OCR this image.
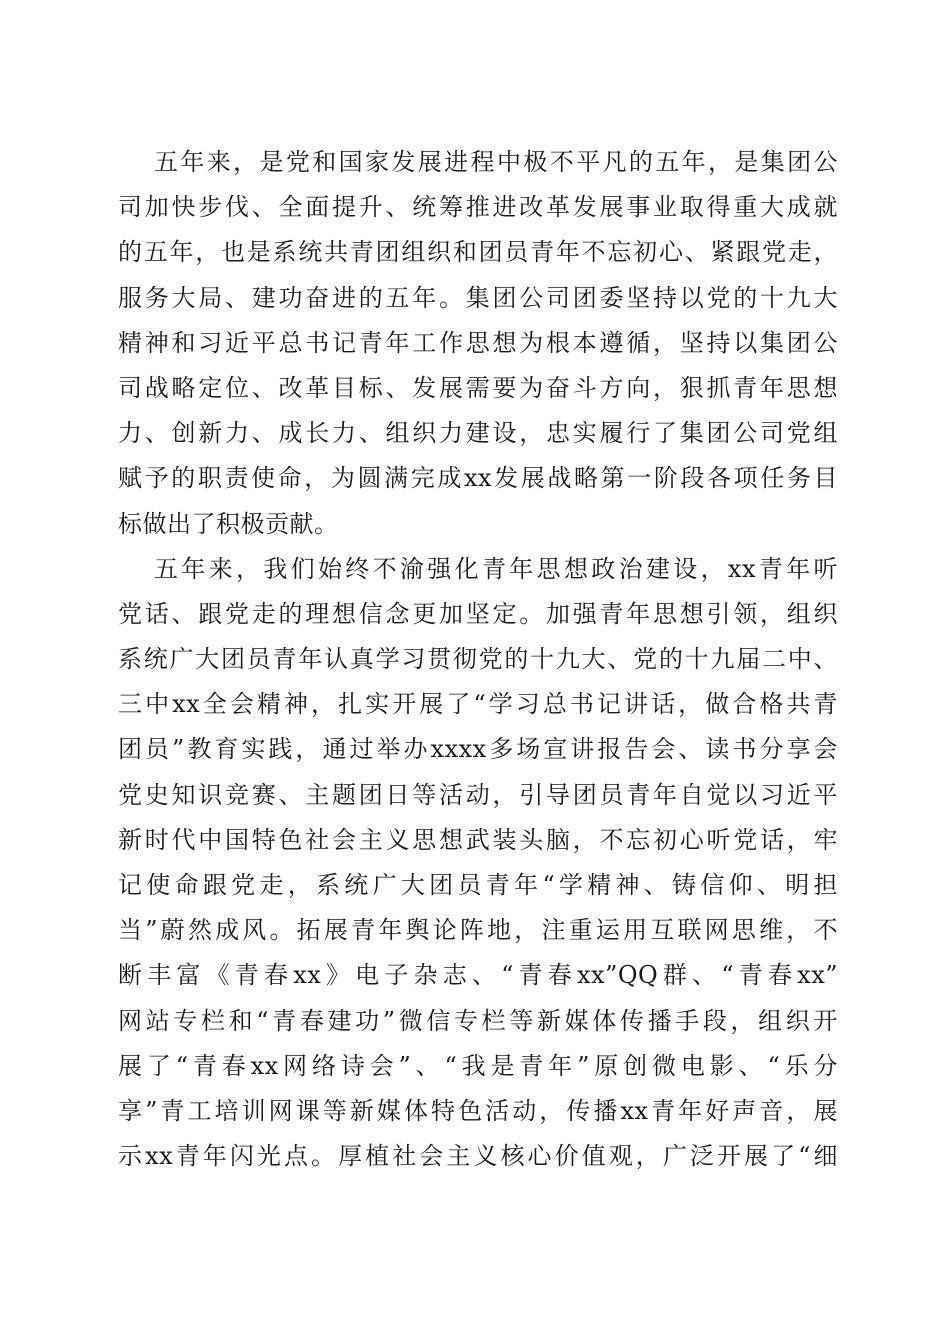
五年来，是党和国家发展进程中极不平凡的五年，是集团公
司加快步伐、全面提升、统筹推进改革发展事业取得重大成就
的五年，也是系统共青团组织和团员青年不忘初心、紧跟党走，
服务大局、建功奋进的五年。集团公司团委坚持以党的十九大
精神和习近平总书记青年工作思想为根本遵循，坚持以集团公
司战略定位、改革目标、发展需要为奋斗方向，狠抓青年思想
力、创新力、成长力、组织力建设，忠实履行了集团公司党组
赋予的职责使命，为圆满完成xx发展战略第一阶段各项任务目
标做出了积极贡献。
五年来，我们始终不渝强化青年思想政治建设，xx青年听
党话、跟党走的理想信念更加坚定。加强青年思想引领，组织
系统广大团员青年认真学习贯彻党的十九大、党的十九届二中、
三中xx全会精神，扎实开展了“学习总书记讲话，做合格共青
团员”教育实践，通过举办xxxx多场宣讲报告会、读书分享会
党史知识竞赛、主题团日等活动，引导团员青年自觉以习近平
新时代中国特色社会主义思想武装头脑，不忘初心听党话，牢
记使命跟党走，系统广大团员青年“学精神、铸信仰、明担
当”蔚然成风。拓展青年舆论阵地，注重运用互联网思维，不
断丰富《青春xx》电子杂志、“青春xx”QQ群、“青春xx”
网站专栏和“青春建功”微信专栏等新媒体传播手段，组织开
展了“青春xx网络诗会”、“我是青年”原创微电影、“乐分
享”青工培训网课等新媒体特色活动，传播xx青年好声音，展
示xx青年闪光点。厚植社会主义核心价值观，广泛开展了“细
